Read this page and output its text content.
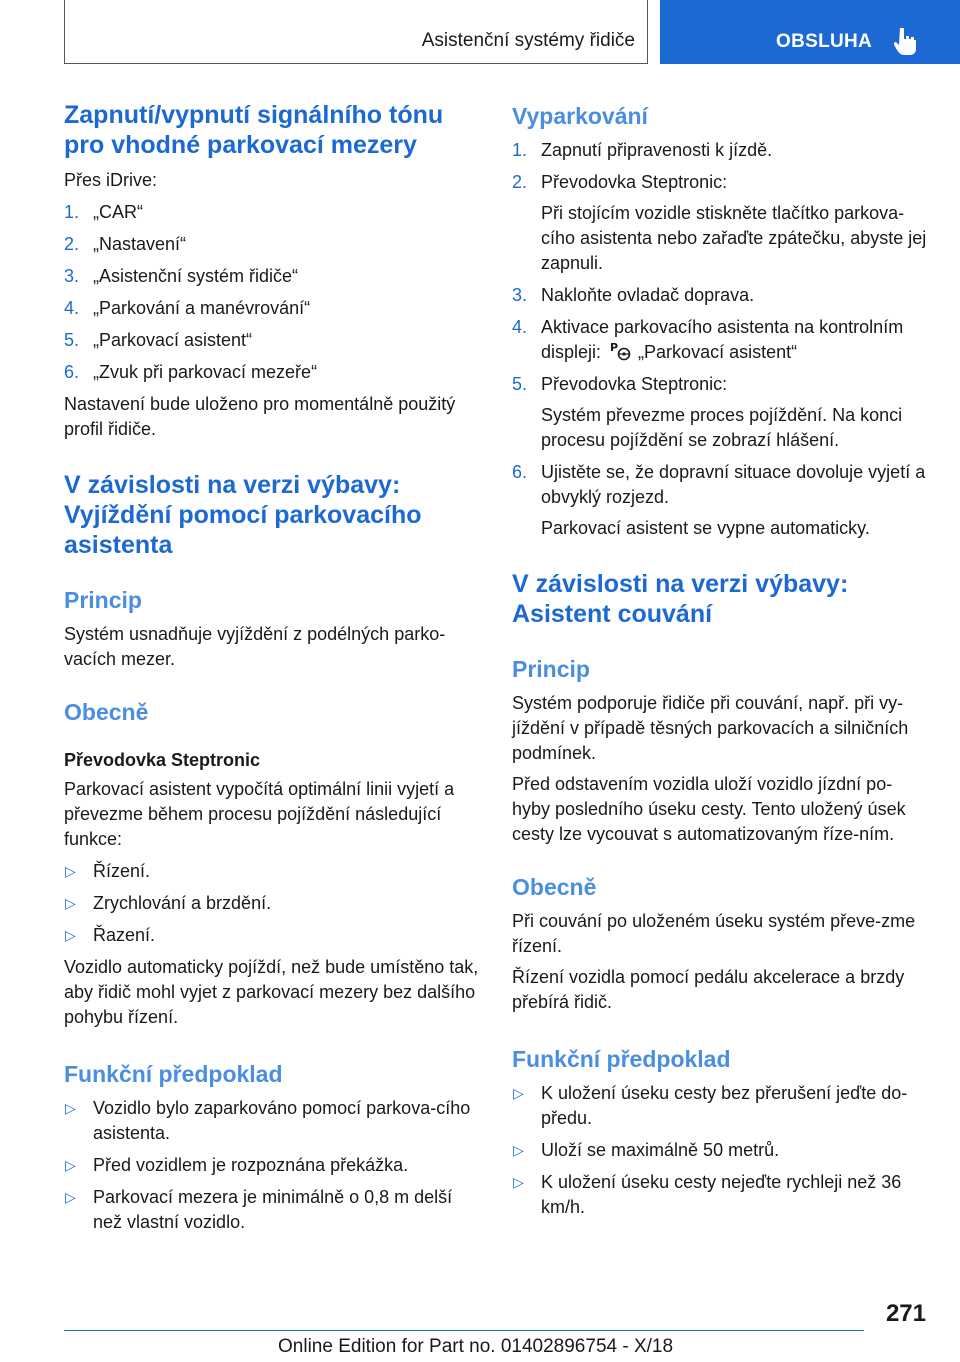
Asistenční systémy řidiče	OBSLUHA
Zapnutí/vypnutí signálního tónu pro vhodné parkovací mezery

Přes iDrive:

1. „CAR“
2. „Nastavení“
3. „Asistenční systém řidiče“
4. „Parkování a manévrování“
5. „Parkovací asistent“
6. „Zvuk při parkovací mezeře“

Nastavení bude uloženo pro momentálně použitý profil řidiče.

V závislosti na verzi výbavy: Vyjíždění pomocí parkovacího asistenta
Princip

Systém usnadňuje vyjíždění z podélných parko-vacích mezer.

Obecně
Převodovka Steptronic

Parkovací asistent vypočítá optimální linii vyjetí a převezme během procesu pojíždění následující funkce:

▷ Řízení.
▷ Zrychlování a brzdění.
▷ Řazení.

Vozidlo automaticky pojíždí, než bude umístěno tak, aby řidič mohl vyjet z parkovací mezery bez dalšího pohybu řízení.

Funkční předpoklad
▷ Vozidlo bylo zaparkováno pomocí parkova-cího asistenta.
▷ Před vozidlem je rozpoznána překážka.
▷ Parkovací mezera je minimálně o 0,8 m delší než vlastní vozidlo.
Vyparkování
1. Zapnutí připravenosti k jízdě.
2. Převodovka Steptronic:
Při stojícím vozidle stiskněte tlačítko parkova-cího asistenta nebo zařaďte zpátečku, abyste jej zapnuli.
3. Nakloňte ovladač doprava.
4. Aktivace parkovacího asistenta na kontrolním displeji: P „Parkovací asistent“
5. Převodovka Steptronic:
Systém převezme proces pojíždění. Na konci procesu pojíždění se zobrazí hlášení.
6. Ujistěte se, že dopravní situace dovoluje vyjetí a obvyklý rozjezd.
Parkovací asistent se vypne automaticky.
V závislosti na verzi výbavy: Asistent couvání
Princip

Systém podporuje řidiče při couvání, např. při vy-jíždění v případě těsných parkovacích a silničních podmínek.

Před odstavením vozidla uloží vozidlo jízdní po-hyby posledního úseku cesty. Tento uložený úsek cesty lze vycouvat s automatizovaným říze-ním.

Obecně

Při couvání po uloženém úseku systém převe-zme řízení.

Řízení vozidla pomocí pedálu akcelerace a brzdy přebírá řidič.

Funkční předpoklad
▷ K uložení úseku cesty bez přerušení jeďte do-předu.
▷ Uloží se maximálně 50 metrů.
▷ K uložení úseku cesty nejeďte rychleji než 36 km/h.
271
Online Edition for Part no. 01402896754 - X/18
